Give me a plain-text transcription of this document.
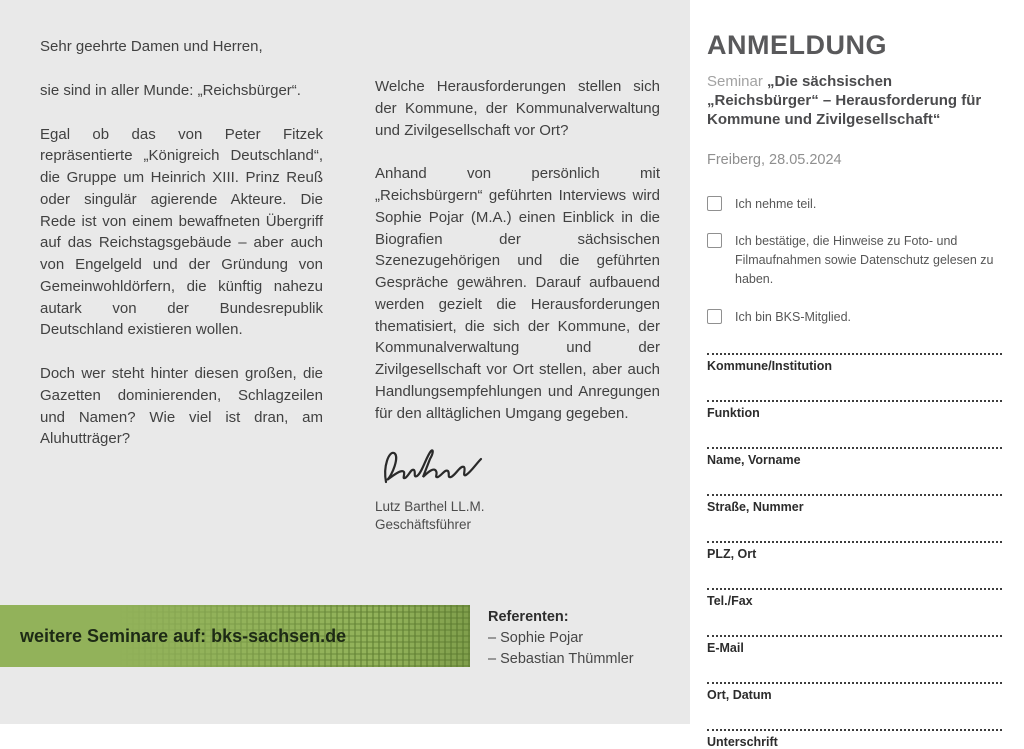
Sehr geehrte Damen und Herren,

sie sind in aller Munde: „Reichsbürger“.

Egal ob das von Peter Fitzek repräsentierte „Königreich Deutschland“, die Gruppe um Heinrich XIII. Prinz Reuß oder singulär agierende Akteure. Die Rede ist von einem bewaffneten Übergriff auf das Reichstagsgebäude – aber auch von Engelgeld und der Gründung von Gemeinwohldörfern, die künftig nahezu autark von der Bundesrepublik Deutschland existieren wollen.

Doch wer steht hinter diesen großen, die Gazetten dominierenden, Schlagzeilen und Namen? Wie viel ist dran, am Aluhutträger?

Welche Herausforderungen stellen sich der Kommune, der Kommunalverwaltung und Zivilgesellschaft vor Ort?

Anhand von persönlich mit „Reichsbürgern“ geführten Interviews wird Sophie Pojar (M.A.) einen Einblick in die Biografien der sächsischen Szenezugehörigen und die geführten Gespräche gewähren. Darauf aufbauend werden gezielt die Herausforderungen thematisiert, die sich der Kommune, der Kommunalverwaltung und der Zivilgesellschaft vor Ort stellen, aber auch Handlungsempfehlungen und Anregungen für den alltäglichen Umgang gegeben.

Lutz Barthel LL.M.
Geschäftsführer
weitere Seminare auf: bks-sachsen.de
Referenten:
– Sophie Pojar
– Sebastian Thümmler
ANMELDUNG

Seminar „Die sächsischen „Reichsbürger“ – Herausforderung für Kommune und Zivilgesellschaft“

Freiberg, 28.05.2024

Ich nehme teil.
Ich bestätige, die Hinweise zu Foto- und Filmaufnahmen sowie Datenschutz gelesen zu haben.
Ich bin BKS-Mitglied.
Kommune/Institution
Funktion
Name, Vorname
Straße, Nummer
PLZ, Ort
Tel./Fax
E-Mail
Ort, Datum
Unterschrift
